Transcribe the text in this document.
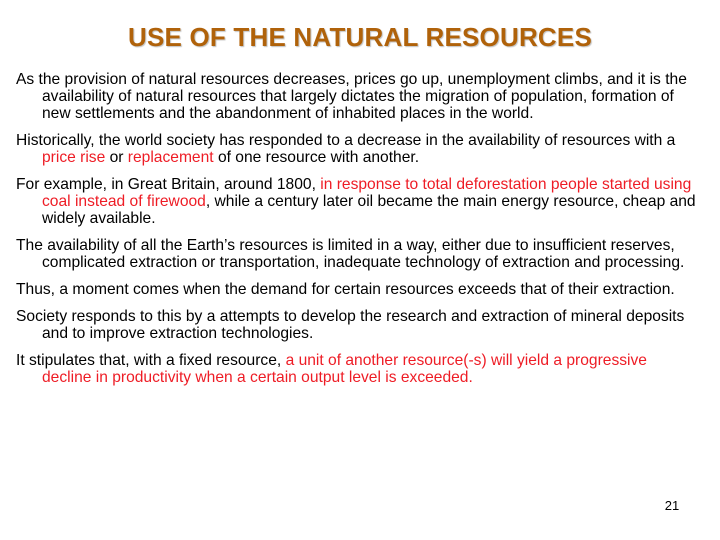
USE OF THE NATURAL RESOURCES

As the provision of natural resources decreases, prices go up, unemployment climbs, and it is the availability of natural resources that largely dictates the migration of population, formation of new settlements and the abandonment of inhabited places in the world.

Historically, the world society has responded to a decrease in the availability of resources with a price rise or replacement of one resource with another.

For example, in Great Britain, around 1800, in response to total deforestation people started using coal instead of firewood, while a century later oil became the main energy resource, cheap and widely available.

The availability of all the Earth’s resources is limited in a way, either due to insufficient reserves, complicated extraction or transportation, inadequate technology of extraction and processing.

Thus, a moment comes when the demand for certain resources exceeds that of their extraction.

Society responds to this by a attempts to develop the research and extraction of mineral deposits and to improve extraction technologies.

It stipulates that, with a fixed resource, a unit of another resource(-s) will yield a progressive decline in productivity when a certain output level is exceeded.

21
